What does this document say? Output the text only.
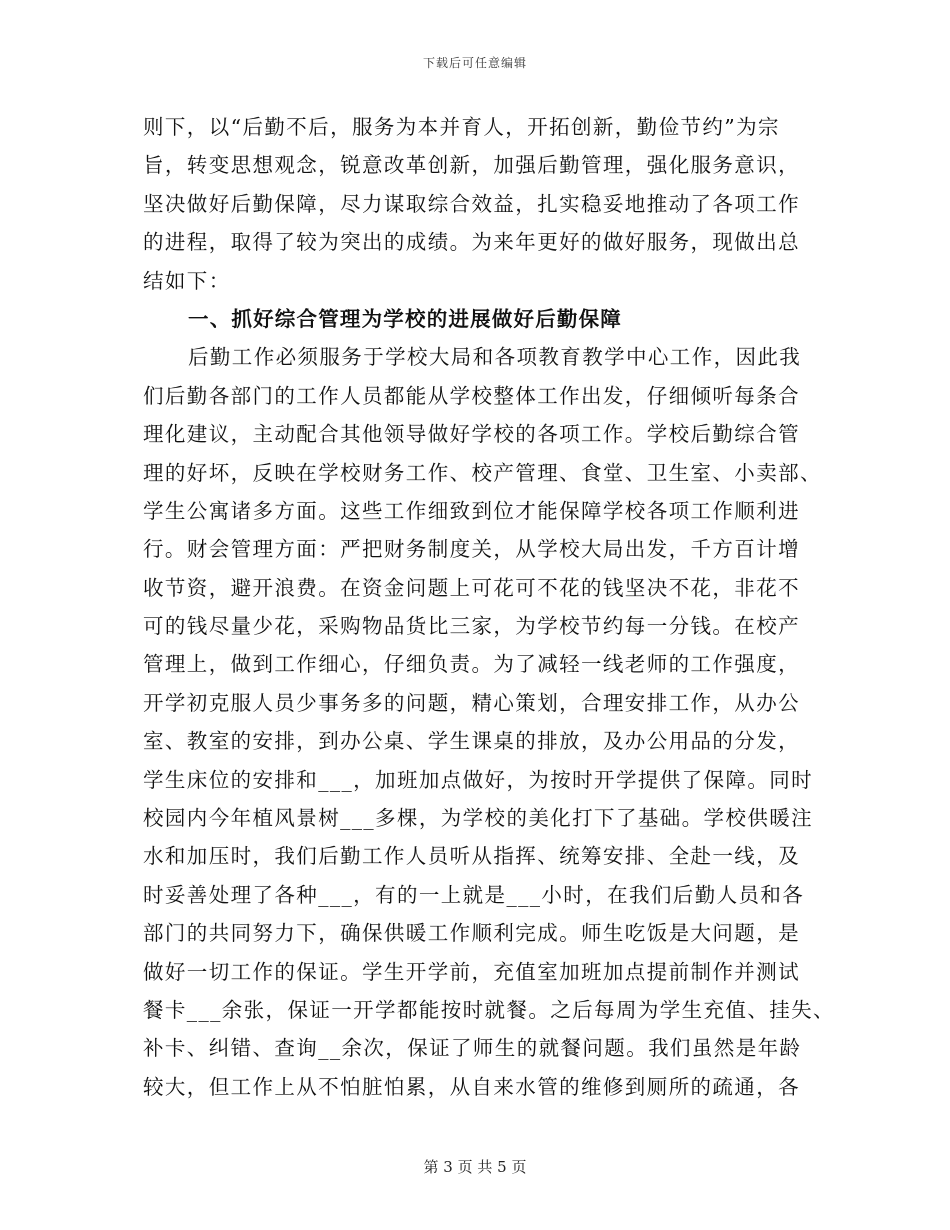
下载后可任意编辑
则下，以“后勤不后，服务为本并育人，开拓创新，勤俭节约”为宗
旨，转变思想观念，锐意改革创新，加强后勤管理，强化服务意识，
坚决做好后勤保障，尽力谋取综合效益，扎实稳妥地推动了各项工作
的进程，取得了较为突出的成绩。为来年更好的做好服务，现做出总
结如下：
一、抓好综合管理为学校的进展做好后勤保障
后勤工作必须服务于学校大局和各项教育教学中心工作，因此我
们后勤各部门的工作人员都能从学校整体工作出发，仔细倾听每条合
理化建议，主动配合其他领导做好学校的各项工作。学校后勤综合管
理的好坏，反映在学校财务工作、校产管理、食堂、卫生室、小卖部、
学生公寓诸多方面。这些工作细致到位才能保障学校各项工作顺利进
行。财会管理方面：严把财务制度关，从学校大局出发，千方百计增
收节资，避开浪费。在资金问题上可花可不花的钱坚决不花，非花不
可的钱尽量少花，采购物品货比三家，为学校节约每一分钱。在校产
管理上，做到工作细心，仔细负责。为了减轻一线老师的工作强度，
开学初克服人员少事务多的问题，精心策划，合理安排工作，从办公
室、教室的安排，到办公桌、学生课桌的排放，及办公用品的分发，
学生床位的安排和___，加班加点做好，为按时开学提供了保障。同时
校园内今年植风景树___多棵，为学校的美化打下了基础。学校供暖注
水和加压时，我们后勤工作人员听从指挥、统筹安排、全赴一线，及
时妥善处理了各种___，有的一上就是___小时，在我们后勤人员和各
部门的共同努力下，确保供暖工作顺利完成。师生吃饭是大问题，是
做好一切工作的保证。学生开学前，充值室加班加点提前制作并测试
餐卡___余张，保证一开学都能按时就餐。之后每周为学生充值、挂失、
补卡、纠错、查询__余次，保证了师生的就餐问题。我们虽然是年龄
较大，但工作上从不怕脏怕累，从自来水管的维修到厕所的疏通，各
第 3 页 共 5 页
